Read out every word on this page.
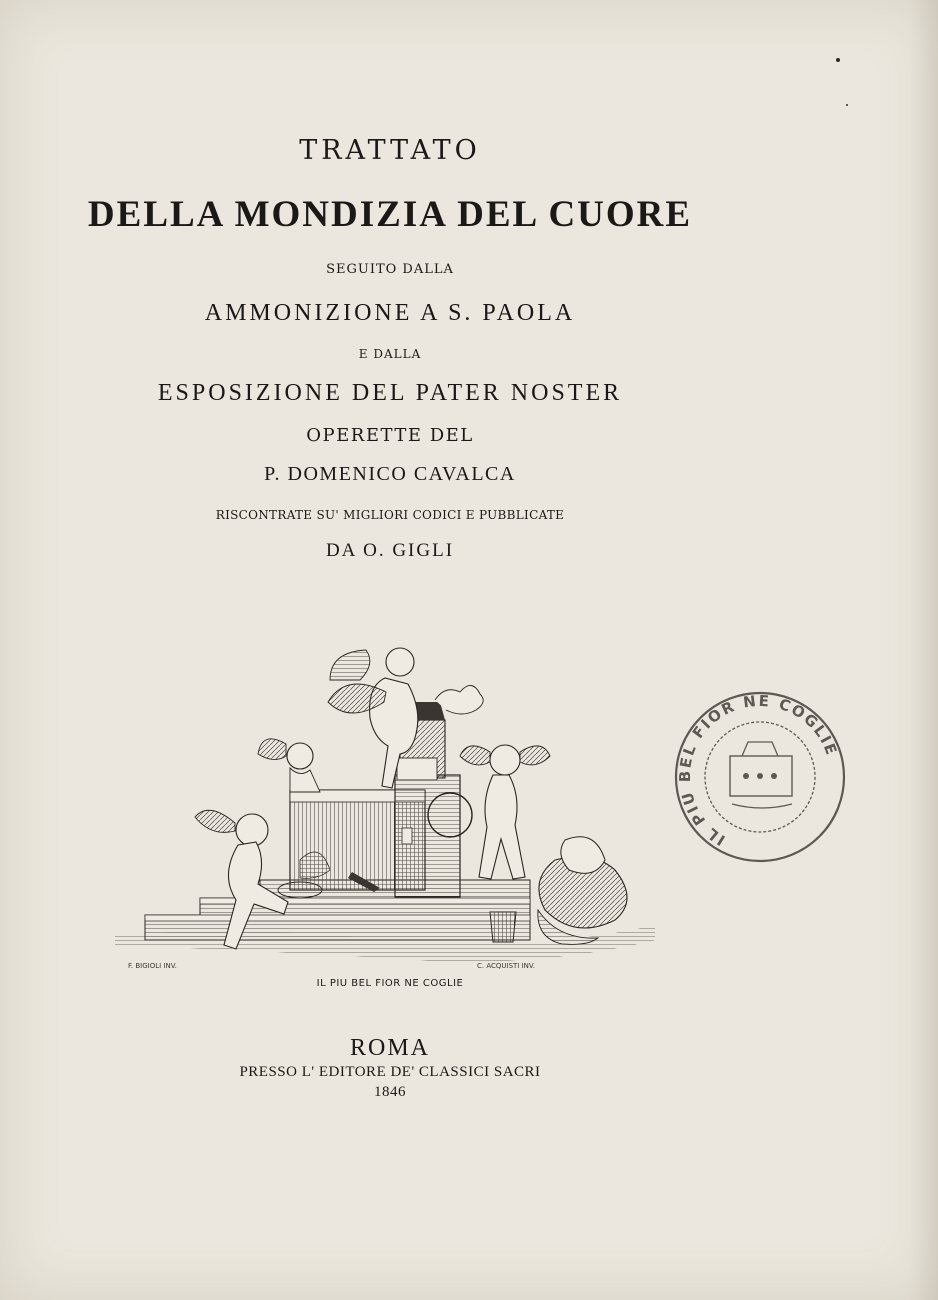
TRATTATO
DELLA MONDIZIA DEL CUORE
SEGUITO DALLA
AMMONIZIONE A S. PAOLA
E DALLA
ESPOSIZIONE DEL PATER NOSTER
OPERETTE DEL
P. DOMENICO CAVALCA
RISCONTRATE SU' MIGLIORI CODICI E PUBBLICATE
DA O. GIGLI
F. BIGIOLI INV.	C. ACQUISTI INV.
IL PIU BEL FIOR NE COGLIE
IL PIU BEL FIOR NE COGLIE
ROMA
PRESSO L' EDITORE DE' CLASSICI SACRI
1846
